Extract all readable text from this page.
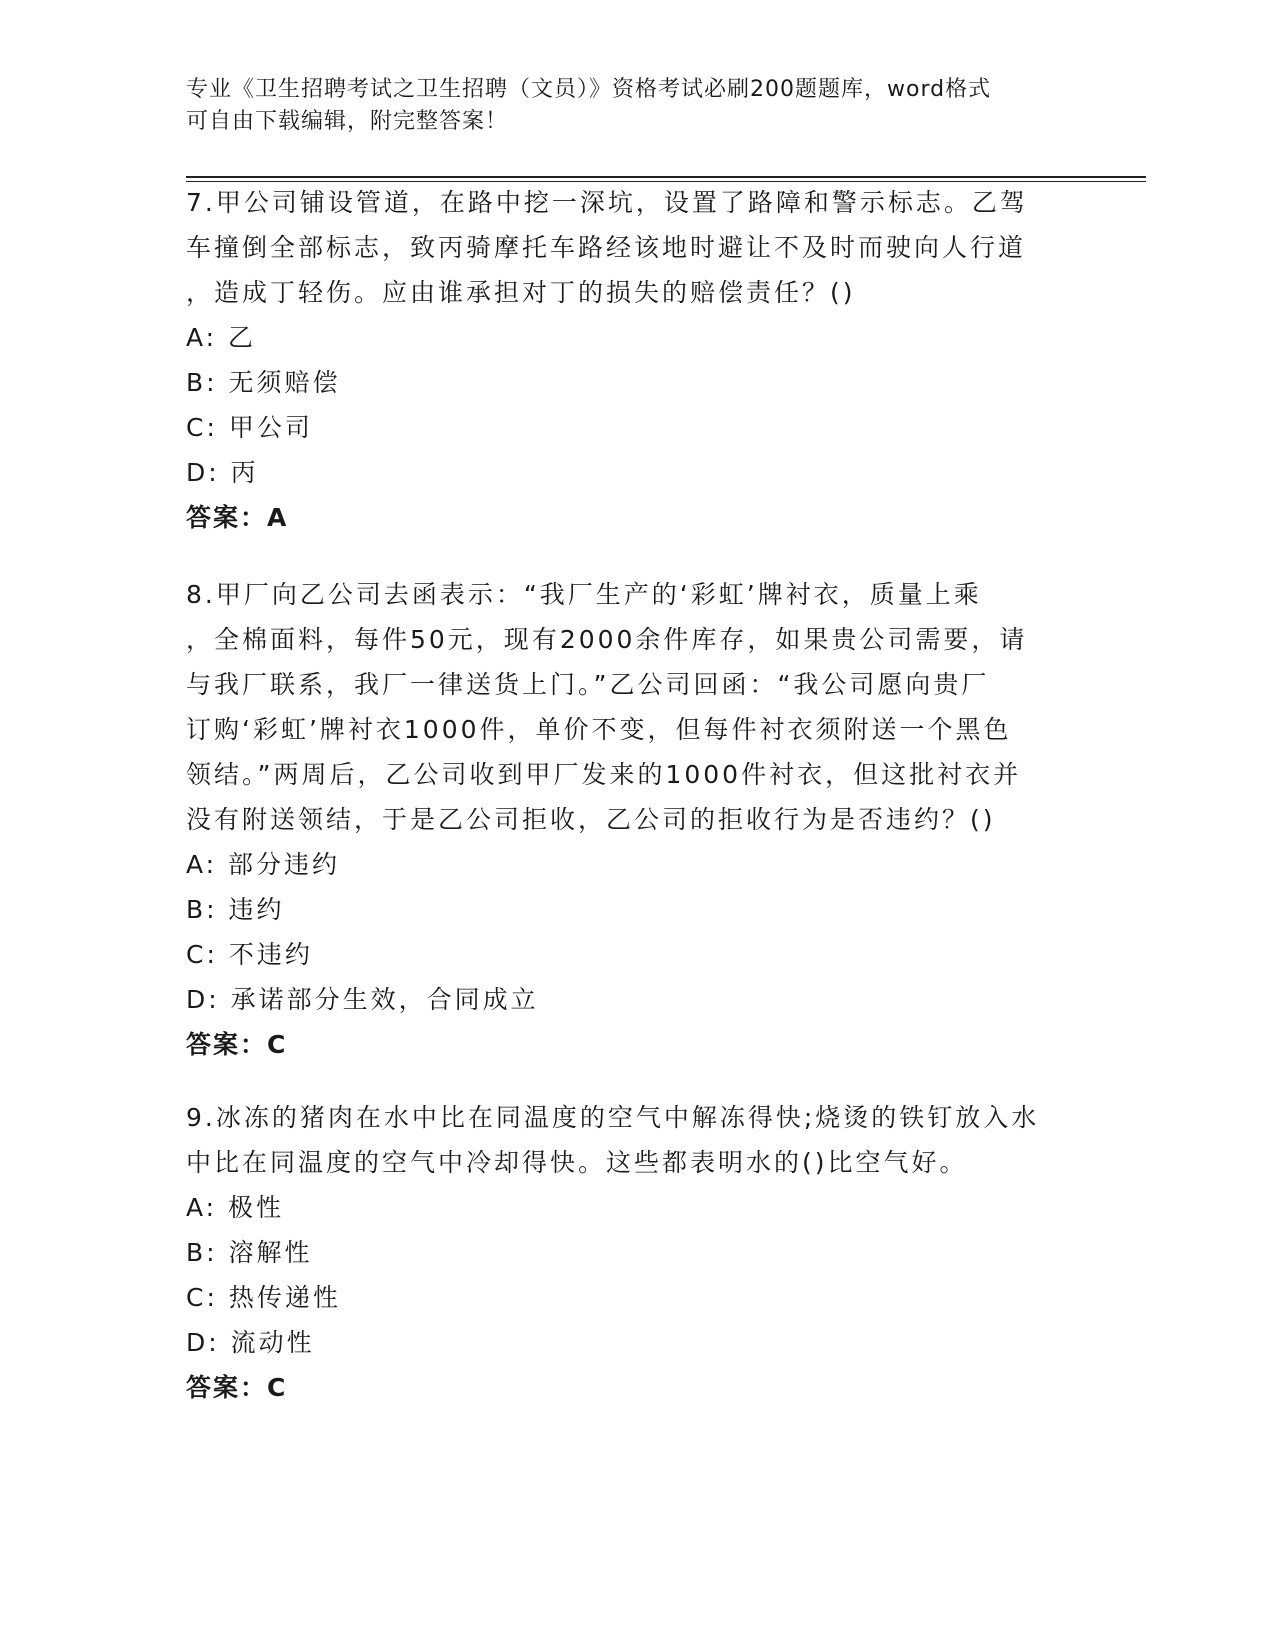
专业《卫生招聘考试之卫生招聘（文员）》资格考试必刷200题题库，word格式
可自由下载编辑，附完整答案！
7.甲公司铺设管道，在路中挖一深坑，设置了路障和警示标志。乙驾
车撞倒全部标志，致丙骑摩托车路经该地时避让不及时而驶向人行道
，造成丁轻伤。应由谁承担对丁的损失的赔偿责任？()
A: 乙
B: 无须赔偿
C: 甲公司
D: 丙
答案：A
8.甲厂向乙公司去函表示：“我厂生产的‘彩虹’牌衬衣，质量上乘
，全棉面料，每件50元，现有2000余件库存，如果贵公司需要，请
与我厂联系，我厂一律送货上门。”乙公司回函：“我公司愿向贵厂
订购‘彩虹’牌衬衣1000件，单价不变，但每件衬衣须附送一个黑色
领结。”两周后，乙公司收到甲厂发来的1000件衬衣，但这批衬衣并
没有附送领结，于是乙公司拒收，乙公司的拒收行为是否违约？()
A: 部分违约
B: 违约
C: 不违约
D: 承诺部分生效，合同成立
答案：C
9.冰冻的猪肉在水中比在同温度的空气中解冻得快;烧烫的铁钉放入水
中比在同温度的空气中冷却得快。这些都表明水的()比空气好。
A: 极性
B: 溶解性
C: 热传递性
D: 流动性
答案：C
